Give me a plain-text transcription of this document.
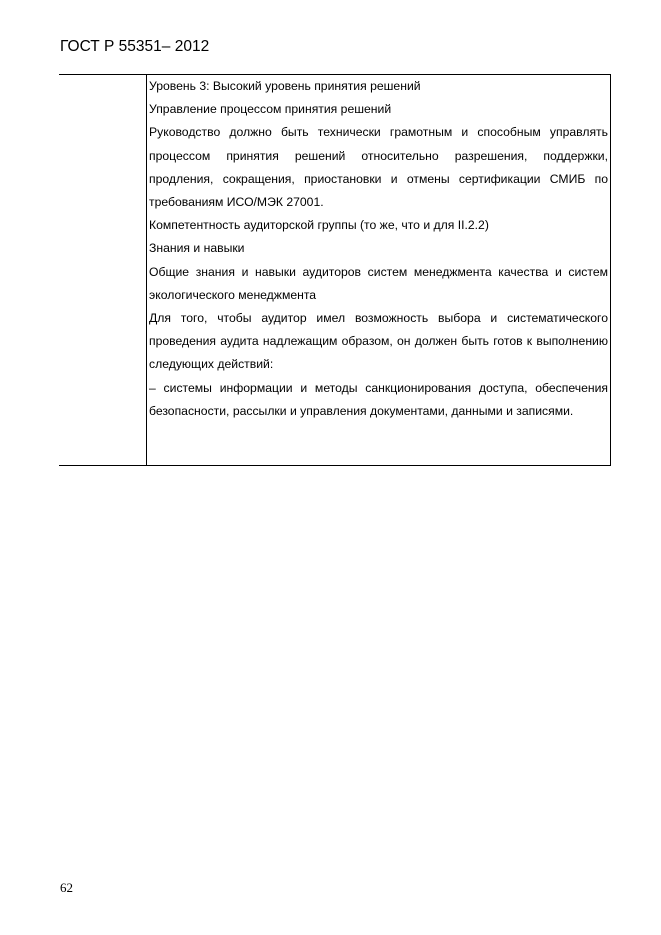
ГОСТ Р 55351– 2012

Уровень 3: Высокий уровень принятия решений

Управление процессом принятия решений

Руководство должно быть технически грамотным и способным управлять процессом принятия решений относительно разрешения, поддержки, продления, сокращения, приостановки и отмены сертификации СМИБ по требованиям ИСО/МЭК 27001.

Компетентность аудиторской группы (то же, что и для II.2.2)

Знания и навыки

Общие знания и навыки аудиторов систем менеджмента качества и систем экологического менеджмента

Для того, чтобы аудитор имел возможность выбора и систематического проведения аудита надлежащим образом, он должен быть готов к выполнению следующих действий:

– системы информации и методы санкционирования доступа, обеспечения безопасности, рассылки и управления документами, данными и записями.

62
